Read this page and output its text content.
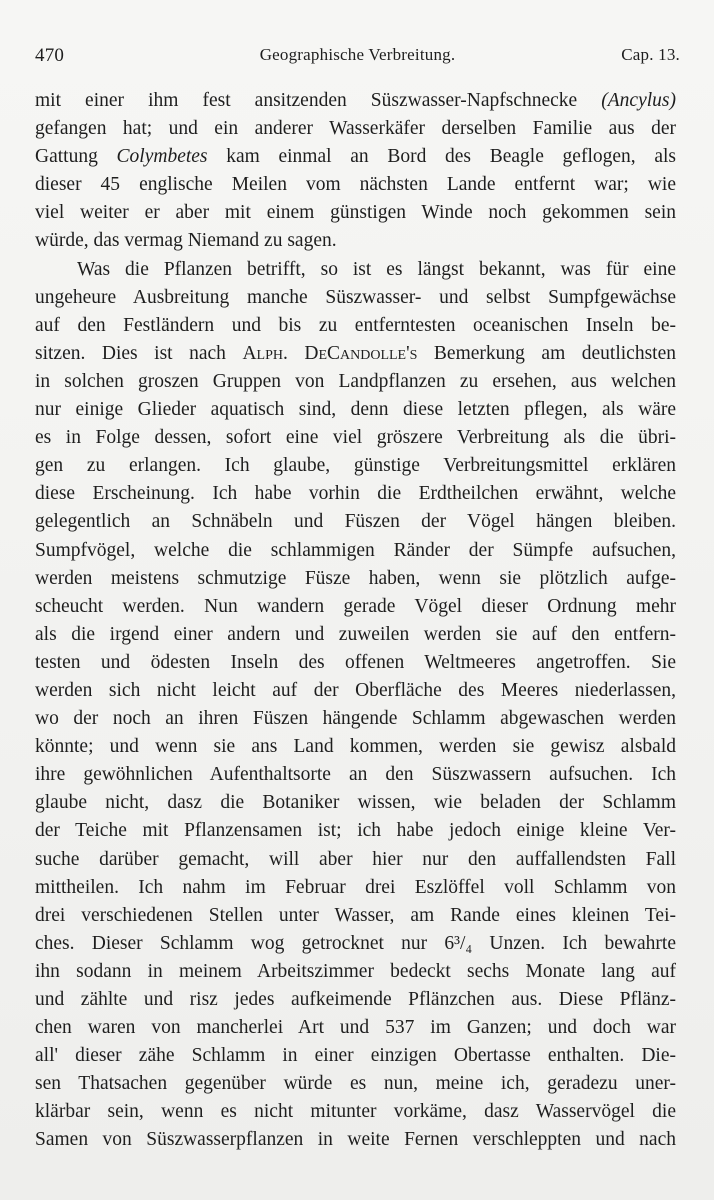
470	Geographische Verbreitung.	Cap. 13.
mit einer ihm fest ansitzenden Süszwasser-Napfschnecke (Ancylus)
gefangen hat; und ein anderer Wasserkäfer derselben Familie aus der
Gattung Colymbetes kam einmal an Bord des Beagle geflogen, als
dieser 45 englische Meilen vom nächsten Lande entfernt war; wie
viel weiter er aber mit einem günstigen Winde noch gekommen sein
würde, das vermag Niemand zu sagen.
Was die Pflanzen betrifft, so ist es längst bekannt, was für eine
ungeheure Ausbreitung manche Süszwasser- und selbst Sumpfgewächse
auf den Festländern und bis zu entferntesten oceanischen Inseln be-
sitzen. Dies ist nach Alph. DeCandolle's Bemerkung am deutlichsten
in solchen groszen Gruppen von Landpflanzen zu ersehen, aus welchen
nur einige Glieder aquatisch sind, denn diese letzten pflegen, als wäre
es in Folge dessen, sofort eine viel gröszere Verbreitung als die übri-
gen zu erlangen. Ich glaube, günstige Verbreitungsmittel erklären
diese Erscheinung. Ich habe vorhin die Erdtheilchen erwähnt, welche
gelegentlich an Schnäbeln und Füszen der Vögel hängen bleiben.
Sumpfvögel, welche die schlammigen Ränder der Sümpfe aufsuchen,
werden meistens schmutzige Füsze haben, wenn sie plötzlich aufge-
scheucht werden. Nun wandern gerade Vögel dieser Ordnung mehr
als die irgend einer andern und zuweilen werden sie auf den entfern-
testen und ödesten Inseln des offenen Weltmeeres angetroffen. Sie
werden sich nicht leicht auf der Oberfläche des Meeres niederlassen,
wo der noch an ihren Füszen hängende Schlamm abgewaschen werden
könnte; und wenn sie ans Land kommen, werden sie gewisz alsbald
ihre gewöhnlichen Aufenthaltsorte an den Süszwassern aufsuchen. Ich
glaube nicht, dasz die Botaniker wissen, wie beladen der Schlamm
der Teiche mit Pflanzensamen ist; ich habe jedoch einige kleine Ver-
suche darüber gemacht, will aber hier nur den auffallendsten Fall
mittheilen. Ich nahm im Februar drei Eszlöffel voll Schlamm von
drei verschiedenen Stellen unter Wasser, am Rande eines kleinen Tei-
ches. Dieser Schlamm wog getrocknet nur 6³/₄ Unzen. Ich bewahrte
ihn sodann in meinem Arbeitszimmer bedeckt sechs Monate lang auf
und zählte und risz jedes aufkeimende Pflänzchen aus. Diese Pflänz-
chen waren von mancherlei Art und 537 im Ganzen; und doch war
all' dieser zähe Schlamm in einer einzigen Obertasse enthalten. Die-
sen Thatsachen gegenüber würde es nun, meine ich, geradezu uner-
klärbar sein, wenn es nicht mitunter vorkäme, dasz Wasservögel die
Samen von Süszwasserpflanzen in weite Fernen verschleppten und nach
